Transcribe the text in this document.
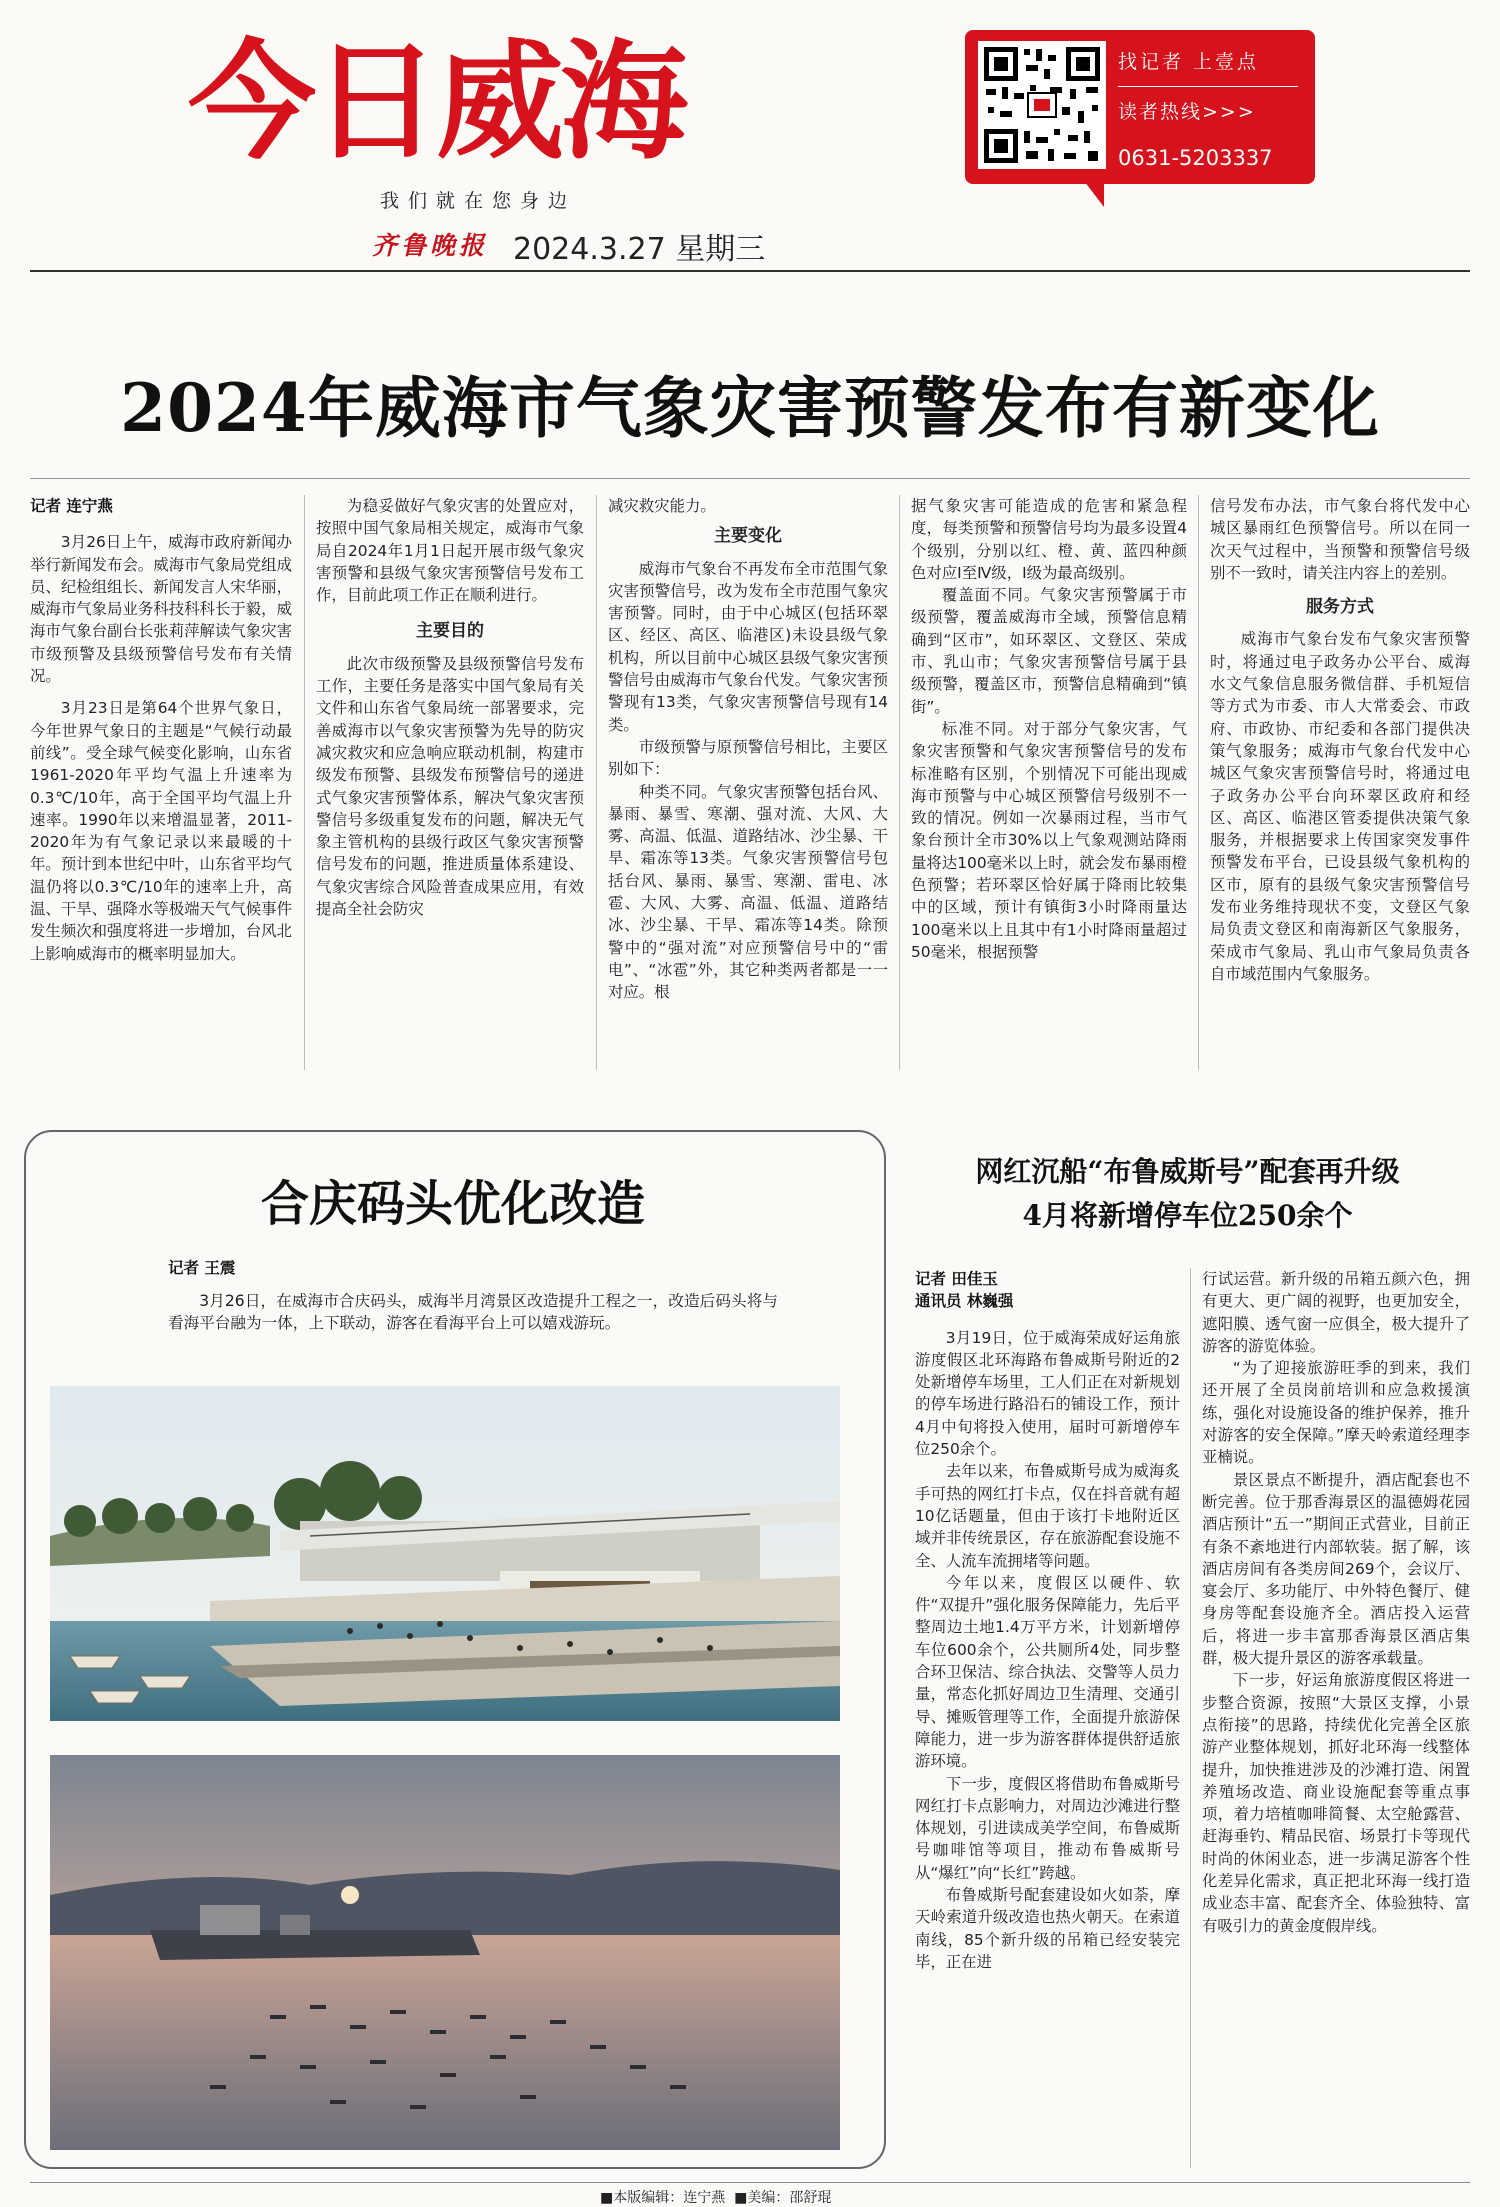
今日威海
我们就在您身边
齐鲁晚报 2024.3.27 星期三
找记者 上壹点
读者热线>>>
0631-5203337
2024年威海市气象灾害预警发布有新变化
记者 连宁燕

3月26日上午，威海市政府新闻办举行新闻发布会。威海市气象局党组成员、纪检组组长、新闻发言人宋华丽，威海市气象局业务科技科科长于毅，威海市气象台副台长张莉萍解读气象灾害市级预警及县级预警信号发布有关情况。

3月23日是第64个世界气象日，今年世界气象日的主题是“气候行动最前线”。受全球气候变化影响，山东省1961-2020年平均气温上升速率为0.3℃/10年，高于全国平均气温上升速率。1990年以来增温显著，2011-2020年为有气象记录以来最暖的十年。预计到本世纪中叶，山东省平均气温仍将以0.3℃/10年的速率上升，高温、干旱、强降水等极端天气气候事件发生频次和强度将进一步增加，台风北上影响威海市的概率明显加大。

为稳妥做好气象灾害的处置应对，按照中国气象局相关规定，威海市气象局自2024年1月1日起开展市级气象灾害预警和县级气象灾害预警信号发布工作，目前此项工作正在顺利进行。

主要目的

此次市级预警及县级预警信号发布工作，主要任务是落实中国气象局有关文件和山东省气象局统一部署要求，完善威海市以气象灾害预警为先导的防灾减灾救灾和应急响应联动机制，构建市级发布预警、县级发布预警信号的递进式气象灾害预警体系，解决气象灾害预警信号多级重复发布的问题，解决无气象主管机构的县级行政区气象灾害预警信号发布的问题，推进质量体系建设、气象灾害综合风险普查成果应用，有效提高全社会防灾

减灾救灾能力。

主要变化

威海市气象台不再发布全市范围气象灾害预警信号，改为发布全市范围气象灾害预警。同时，由于中心城区(包括环翠区、经区、高区、临港区)未设县级气象机构，所以目前中心城区县级气象灾害预警信号由威海市气象台代发。气象灾害预警现有13类，气象灾害预警信号现有14类。

市级预警与原预警信号相比，主要区别如下：

种类不同。气象灾害预警包括台风、暴雨、暴雪、寒潮、强对流、大风、大雾、高温、低温、道路结冰、沙尘暴、干旱、霜冻等13类。气象灾害预警信号包括台风、暴雨、暴雪、寒潮、雷电、冰雹、大风、大雾、高温、低温、道路结冰、沙尘暴、干旱、霜冻等14类。除预警中的“强对流”对应预警信号中的“雷电”、“冰雹”外，其它种类两者都是一一对应。根

据气象灾害可能造成的危害和紧急程度，每类预警和预警信号均为最多设置4个级别，分别以红、橙、黄、蓝四种颜色对应Ⅰ至Ⅳ级，Ⅰ级为最高级别。

覆盖面不同。气象灾害预警属于市级预警，覆盖威海市全域，预警信息精确到“区市”，如环翠区、文登区、荣成市、乳山市；气象灾害预警信号属于县级预警，覆盖区市，预警信息精确到“镇街”。

标准不同。对于部分气象灾害，气象灾害预警和气象灾害预警信号的发布标准略有区别，个别情况下可能出现威海市预警与中心城区预警信号级别不一致的情况。例如一次暴雨过程，当市气象台预计全市30%以上气象观测站降雨量将达100毫米以上时，就会发布暴雨橙色预警；若环翠区恰好属于降雨比较集中的区域，预计有镇街3小时降雨量达100毫米以上且其中有1小时降雨量超过50毫米，根据预警

信号发布办法，市气象台将代发中心城区暴雨红色预警信号。所以在同一次天气过程中，当预警和预警信号级别不一致时，请关注内容上的差别。

服务方式

威海市气象台发布气象灾害预警时，将通过电子政务办公平台、威海水文气象信息服务微信群、手机短信等方式为市委、市人大常委会、市政府、市政协、市纪委和各部门提供决策气象服务；威海市气象台代发中心城区气象灾害预警信号时，将通过电子政务办公平台向环翠区政府和经区、高区、临港区管委提供决策气象服务，并根据要求上传国家突发事件预警发布平台，已设县级气象机构的区市，原有的县级气象灾害预警信号发布业务维持现状不变，文登区气象局负责文登区和南海新区气象服务，荣成市气象局、乳山市气象局负责各自市域范围内气象服务。

合庆码头优化改造
记者 王震

3月26日，在威海市合庆码头，威海半月湾景区改造提升工程之一，改造后码头将与看海平台融为一体，上下联动，游客在看海平台上可以嬉戏游玩。

网红沉船“布鲁威斯号”配套再升级
4月将新增停车位250余个
记者 田佳玉
通讯员 林巍强

3月19日，位于威海荣成好运角旅游度假区北环海路布鲁威斯号附近的2处新增停车场里，工人们正在对新规划的停车场进行路沿石的铺设工作，预计4月中旬将投入使用，届时可新增停车位250余个。

去年以来，布鲁威斯号成为威海炙手可热的网红打卡点，仅在抖音就有超10亿话题量，但由于该打卡地附近区域并非传统景区，存在旅游配套设施不全、人流车流拥堵等问题。

今年以来，度假区以硬件、软件“双提升”强化服务保障能力，先后平整周边土地1.4万平方米，计划新增停车位600余个，公共厕所4处，同步整合环卫保洁、综合执法、交警等人员力量，常态化抓好周边卫生清理、交通引导、摊贩管理等工作，全面提升旅游保障能力，进一步为游客群体提供舒适旅游环境。

下一步，度假区将借助布鲁威斯号网红打卡点影响力，对周边沙滩进行整体规划，引进读成美学空间，布鲁威斯号咖啡馆等项目，推动布鲁威斯号从“爆红”向“长红”跨越。

布鲁威斯号配套建设如火如荼，摩天岭索道升级改造也热火朝天。在索道南线，85个新升级的吊箱已经安装完毕，正在进

行试运营。新升级的吊箱五颜六色，拥有更大、更广阔的视野，也更加安全，遮阳膜、透气窗一应俱全，极大提升了游客的游览体验。

“为了迎接旅游旺季的到来，我们还开展了全员岗前培训和应急救援演练，强化对设施设备的维护保养，推升对游客的安全保障。”摩天岭索道经理李亚楠说。

景区景点不断提升，酒店配套也不断完善。位于那香海景区的温德姆花园酒店预计“五一”期间正式营业，目前正有条不紊地进行内部软装。据了解，该酒店房间有各类房间269个，会议厅、宴会厅、多功能厅、中外特色餐厅、健身房等配套设施齐全。酒店投入运营后，将进一步丰富那香海景区酒店集群，极大提升景区的游客承载量。

下一步，好运角旅游度假区将进一步整合资源，按照“大景区支撑，小景点衔接”的思路，持续优化完善全区旅游产业整体规划，抓好北环海一线整体提升，加快推进涉及的沙滩打造、闲置养殖场改造、商业设施配套等重点事项，着力培植咖啡简餐、太空舱露营、赶海垂钓、精品民宿、场景打卡等现代时尚的休闲业态，进一步满足游客个性化差异化需求，真正把北环海一线打造成业态丰富、配套齐全、体验独特、富有吸引力的黄金度假岸线。

■本版编辑：连宁燕 ■美编：邵舒琨
